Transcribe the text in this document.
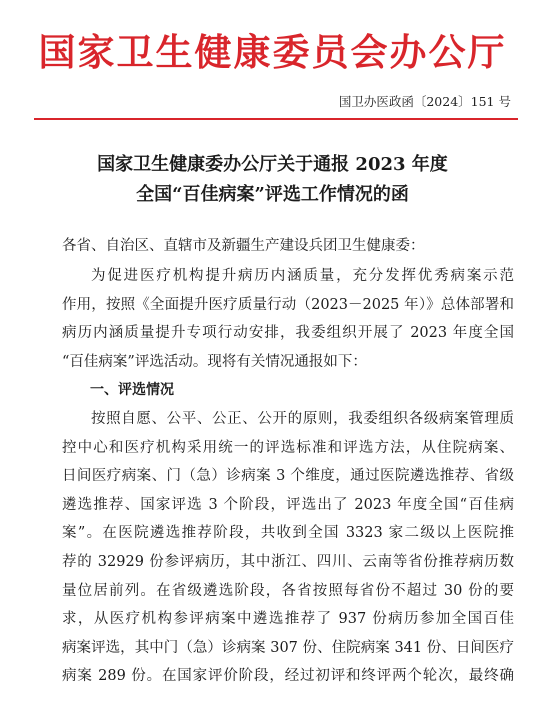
国家卫生健康委员会办公厅
国卫办医政函〔2024〕151 号
国家卫生健康委办公厅关于通报 2023 年度
全国“百佳病案”评选工作情况的函
各省、自治区、直辖市及新疆生产建设兵团卫生健康委：
为促进医疗机构提升病历内涵质量，充分发挥优秀病案示范
作用，按照《全面提升医疗质量行动（2023－2025 年）》总体部署和
病历内涵质量提升专项行动安排，我委组织开展了 2023 年度全国
“百佳病案”评选活动。现将有关情况通报如下：
一、评选情况
按照自愿、公平、公正、公开的原则，我委组织各级病案管理质
控中心和医疗机构采用统一的评选标准和评选方法，从住院病案、
日间医疗病案、门（急）诊病案 3 个维度，通过医院遴选推荐、省级
遴选推荐、国家评选 3 个阶段，评选出了 2023 年度全国“百佳病
案”。在医院遴选推荐阶段，共收到全国 3323 家二级以上医院推
荐的 32929 份参评病历，其中浙江、四川、云南等省份推荐病历数
量位居前列。在省级遴选阶段，各省按照每省份不超过 30 份的要
求，从医疗机构参评病案中遴选推荐了 937 份病历参加全国百佳
病案评选，其中门（急）诊病案 307 份、住院病案 341 份、日间医疗
病案 289 份。在国家评价阶段，经过初评和终评两个轮次，最终确
